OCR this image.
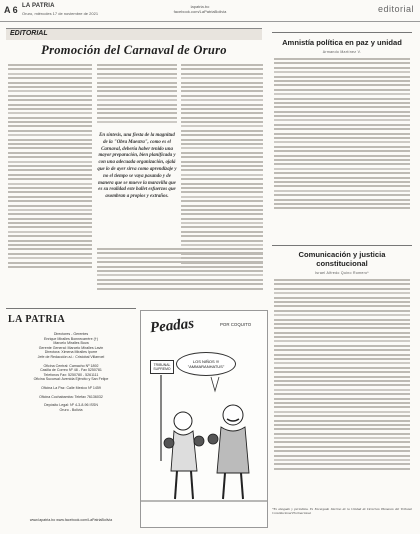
A 6 LA PATRIA
Oruro, miércoles 17 de noviembre de 2021
lapatria.bo
facebook.com/LaPatriaBolivia	editorial
EDITORIAL
Promoción del Carnaval de Oruro
En síntesis, una fiesta de la magnitud de la "Obra Maestra", como es el Carnaval, debería haber tenido una mayor preparación, bien planificada y con una adecuada organización, ojalá que lo de ayer sirva como aprendizaje y no el tiempo se vaya pasando y de manera que se mueve la maravilla que es su realidad este ballet esfuerzos que asombran a propios y extraños.
Amnistía política en paz y unidad
Armando Martínez V.
Comunicación y justicia constitucional
Israel Alfredo Quino Romero*
*Es abogado y periodista. Es Encargado Interino de la Unidad de Derechos Humanos del Tribunal Constitucional Plurinacional.
LA PATRIA
Directores - Gerentes
Enrique Miralles Bonnecarrère (†)
Marcelo Miralles Bova
Gerente General: Marcelo Miralles Lavin
Directora: Ximena Miralles Iporre
Jefe de Redacción a.i.: Cristobal Villarroel
Oficina Central: Camacho Nº 1892
Casilla de Correo Nº 48 - Fax 5250781
Telefonos Fax: 5250780 - 5261111
Oficina Sucursal: Avenida Ejército y San Felipe
Oficina La Paz: Calle Mexico Nº 1459
Oficina Cochabamba: Telefax 76136032
Depósito Legal: Nº 4-3-8-96 ISSN
Oruro - Bolivia
www.lapatria.bo www.facebook.com/LaPatriaBolivia
Peadas	POR COQUITO
LOS NIÑOS !!! "AMMARANHATUS"
TRIBUNAL SUPREMO
